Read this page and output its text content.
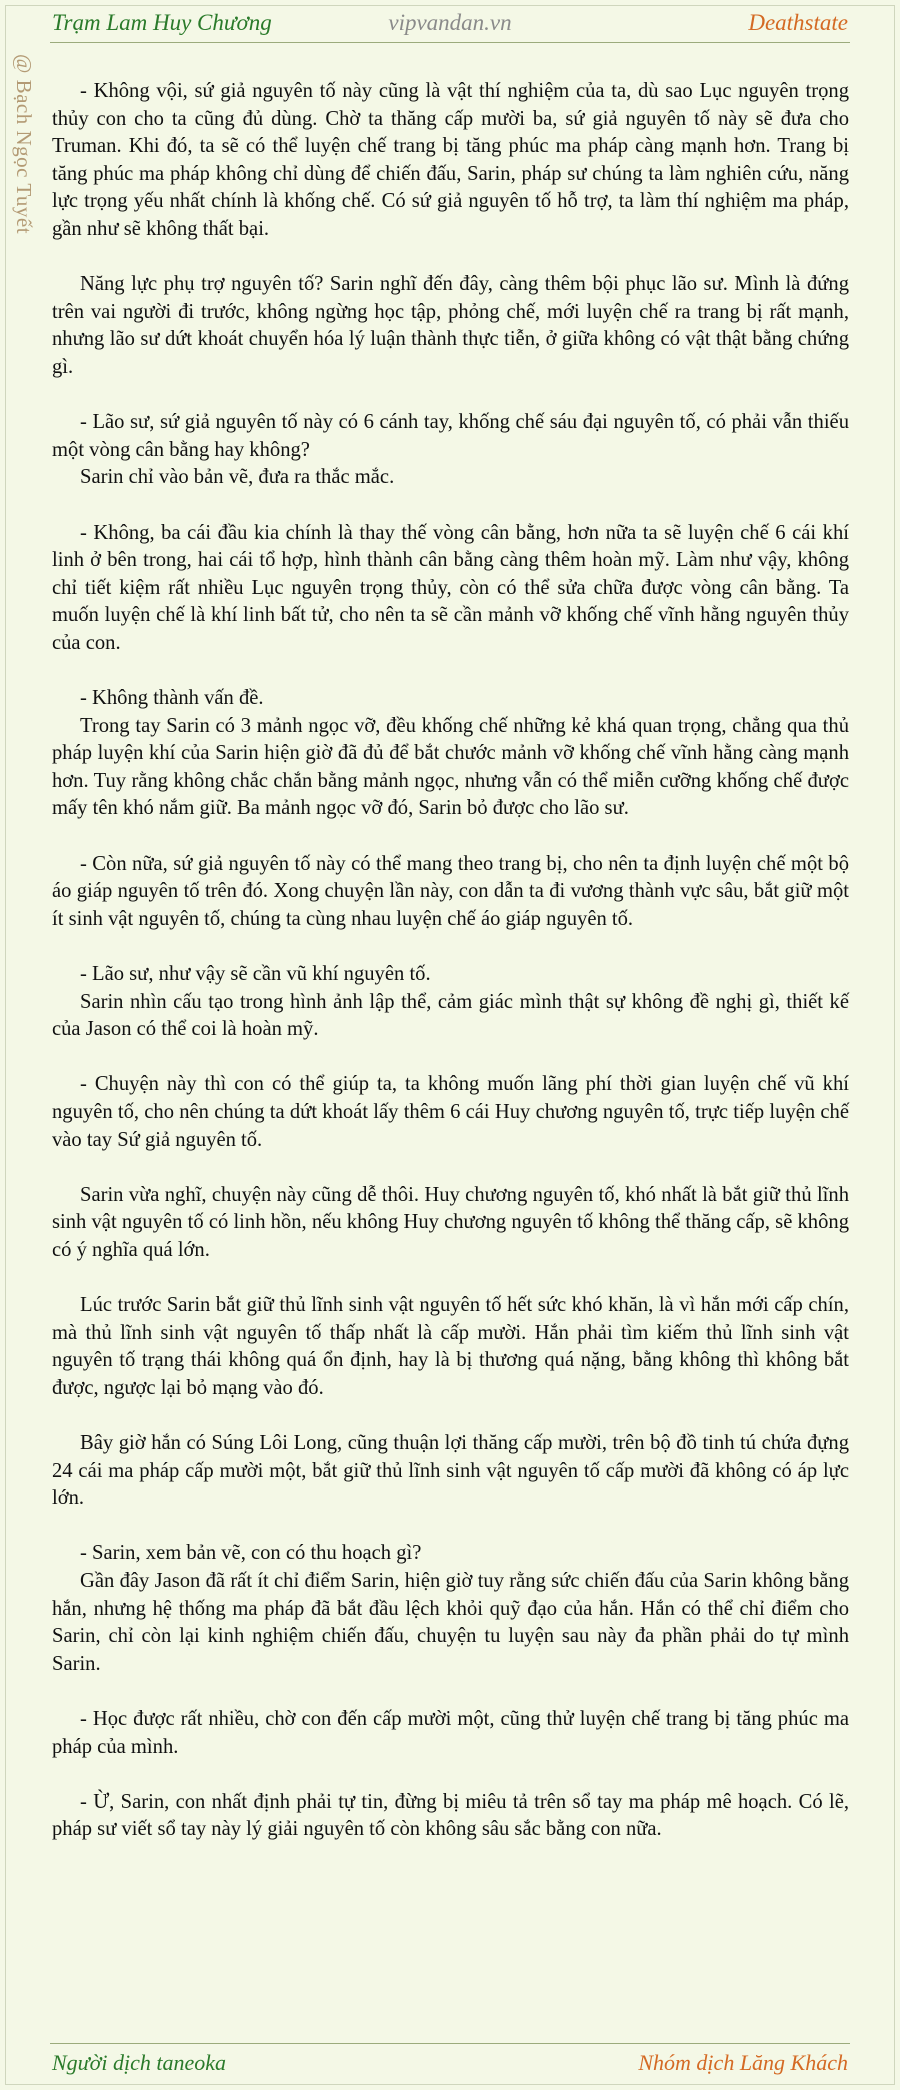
Trạm Lam Huy Chương	vipvandan.vn	Deathstate
@ Bạch Ngọc Tuyết	- Không vội, sứ giả nguyên tố này cũng là vật thí nghiệm của ta, dù sao Lục nguyên trọng thủy con cho ta cũng đủ dùng. Chờ ta thăng cấp mười ba, sứ giả nguyên tố này sẽ đưa cho Truman. Khi đó, ta sẽ có thể luyện chế trang bị tăng phúc ma pháp càng mạnh hơn. Trang bị tăng phúc ma pháp không chỉ dùng để chiến đấu, Sarin, pháp sư chúng ta làm nghiên cứu, năng lực trọng yếu nhất chính là khống chế. Có sứ giả nguyên tố hỗ trợ, ta làm thí nghiệm ma pháp, gần như sẽ không thất bại.

Năng lực phụ trợ nguyên tố? Sarin nghĩ đến đây, càng thêm bội phục lão sư. Mình là đứng trên vai người đi trước, không ngừng học tập, phỏng chế, mới luyện chế ra trang bị rất mạnh, nhưng lão sư dứt khoát chuyển hóa lý luận thành thực tiễn, ở giữa không có vật thật bằng chứng gì.

- Lão sư, sứ giả nguyên tố này có 6 cánh tay, khống chế sáu đại nguyên tố, có phải vẫn thiếu một vòng cân bằng hay không?
Sarin chỉ vào bản vẽ, đưa ra thắc mắc.

- Không, ba cái đầu kia chính là thay thế vòng cân bằng, hơn nữa ta sẽ luyện chế 6 cái khí linh ở bên trong, hai cái tổ hợp, hình thành cân bằng càng thêm hoàn mỹ. Làm như vậy, không chỉ tiết kiệm rất nhiều Lục nguyên trọng thủy, còn có thể sửa chữa được vòng cân bằng. Ta muốn luyện chế là khí linh bất tử, cho nên ta sẽ cần mảnh vỡ khống chế vĩnh hằng nguyên thủy của con.

- Không thành vấn đề.
Trong tay Sarin có 3 mảnh ngọc vỡ, đều khống chế những kẻ khá quan trọng, chẳng qua thủ pháp luyện khí của Sarin hiện giờ đã đủ để bắt chước mảnh vỡ khống chế vĩnh hằng càng mạnh hơn. Tuy rằng không chắc chắn bằng mảnh ngọc, nhưng vẫn có thể miễn cưỡng khống chế được mấy tên khó nắm giữ. Ba mảnh ngọc vỡ đó, Sarin bỏ được cho lão sư.

- Còn nữa, sứ giả nguyên tố này có thể mang theo trang bị, cho nên ta định luyện chế một bộ áo giáp nguyên tố trên đó. Xong chuyện lần này, con dẫn ta đi vương thành vực sâu, bắt giữ một ít sinh vật nguyên tố, chúng ta cùng nhau luyện chế áo giáp nguyên tố.

- Lão sư, như vậy sẽ cần vũ khí nguyên tố.
Sarin nhìn cấu tạo trong hình ảnh lập thể, cảm giác mình thật sự không đề nghị gì, thiết kế của Jason có thể coi là hoàn mỹ.

- Chuyện này thì con có thể giúp ta, ta không muốn lãng phí thời gian luyện chế vũ khí nguyên tố, cho nên chúng ta dứt khoát lấy thêm 6 cái Huy chương nguyên tố, trực tiếp luyện chế vào tay Sứ giả nguyên tố.

Sarin vừa nghĩ, chuyện này cũng dễ thôi. Huy chương nguyên tố, khó nhất là bắt giữ thủ lĩnh sinh vật nguyên tố có linh hồn, nếu không Huy chương nguyên tố không thể thăng cấp, sẽ không có ý nghĩa quá lớn.

Lúc trước Sarin bắt giữ thủ lĩnh sinh vật nguyên tố hết sức khó khăn, là vì hắn mới cấp chín, mà thủ lĩnh sinh vật nguyên tố thấp nhất là cấp mười. Hắn phải tìm kiếm thủ lĩnh sinh vật nguyên tố trạng thái không quá ổn định, hay là bị thương quá nặng, bằng không thì không bắt được, ngược lại bỏ mạng vào đó.

Bây giờ hắn có Súng Lôi Long, cũng thuận lợi thăng cấp mười, trên bộ đồ tinh tú chứa đựng 24 cái ma pháp cấp mười một, bắt giữ thủ lĩnh sinh vật nguyên tố cấp mười đã không có áp lực lớn.

- Sarin, xem bản vẽ, con có thu hoạch gì?
Gần đây Jason đã rất ít chỉ điểm Sarin, hiện giờ tuy rằng sức chiến đấu của Sarin không bằng hắn, nhưng hệ thống ma pháp đã bắt đầu lệch khỏi quỹ đạo của hắn. Hắn có thể chỉ điểm cho Sarin, chỉ còn lại kinh nghiệm chiến đấu, chuyện tu luyện sau này đa phần phải do tự mình Sarin.

- Học được rất nhiều, chờ con đến cấp mười một, cũng thử luyện chế trang bị tăng phúc ma pháp của mình.

- Ừ, Sarin, con nhất định phải tự tin, đừng bị miêu tả trên sổ tay ma pháp mê hoạch. Có lẽ, pháp sư viết sổ tay này lý giải nguyên tố còn không sâu sắc bằng con nữa.

Người dịch taneoka	Nhóm dịch Lăng Khách
